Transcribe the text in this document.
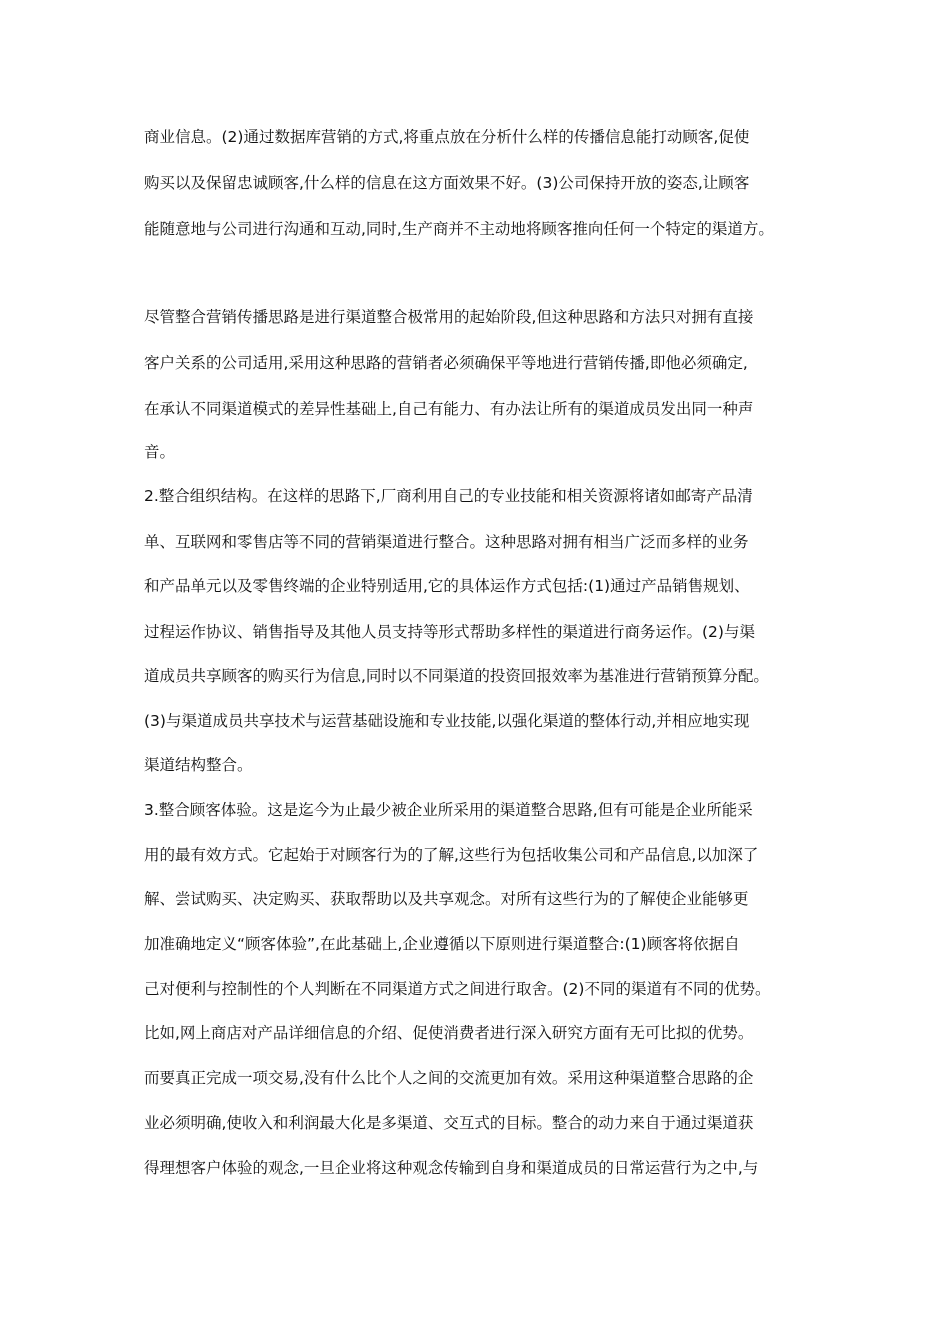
商业信息。(2)通过数据库营销的方式,将重点放在分析什么样的传播信息能打动顾客,促使
购买以及保留忠诚顾客,什么样的信息在这方面效果不好。(3)公司保持开放的姿态,让顾客
能随意地与公司进行沟通和互动,同时,生产商并不主动地将顾客推向任何一个特定的渠道方。
尽管整合营销传播思路是进行渠道整合极常用的起始阶段,但这种思路和方法只对拥有直接
客户关系的公司适用,采用这种思路的营销者必须确保平等地进行营销传播,即他必须确定,
在承认不同渠道模式的差异性基础上,自己有能力、有办法让所有的渠道成员发出同一种声
音。
2.整合组织结构。在这样的思路下,厂商利用自己的专业技能和相关资源将诸如邮寄产品清
单、互联网和零售店等不同的营销渠道进行整合。这种思路对拥有相当广泛而多样的业务
和产品单元以及零售终端的企业特别适用,它的具体运作方式包括:(1)通过产品销售规划、
过程运作协议、销售指导及其他人员支持等形式帮助多样性的渠道进行商务运作。(2)与渠
道成员共享顾客的购买行为信息,同时以不同渠道的投资回报效率为基准进行营销预算分配。
(3)与渠道成员共享技术与运营基础设施和专业技能,以强化渠道的整体行动,并相应地实现
渠道结构整合。
3.整合顾客体验。这是迄今为止最少被企业所采用的渠道整合思路,但有可能是企业所能采
用的最有效方式。它起始于对顾客行为的了解,这些行为包括收集公司和产品信息,以加深了
解、尝试购买、决定购买、获取帮助以及共享观念。对所有这些行为的了解使企业能够更
加准确地定义“顾客体验”,在此基础上,企业遵循以下原则进行渠道整合:(1)顾客将依据自
己对便利与控制性的个人判断在不同渠道方式之间进行取舍。(2)不同的渠道有不同的优势。
比如,网上商店对产品详细信息的介绍、促使消费者进行深入研究方面有无可比拟的优势。
而要真正完成一项交易,没有什么比个人之间的交流更加有效。采用这种渠道整合思路的企
业必须明确,使收入和利润最大化是多渠道、交互式的目标。整合的动力来自于通过渠道获
得理想客户体验的观念,一旦企业将这种观念传输到自身和渠道成员的日常运营行为之中,与
